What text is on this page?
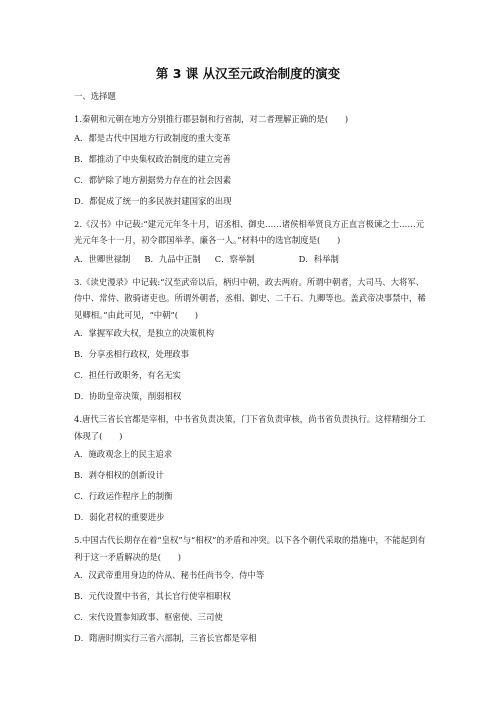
第 3 课 从汉至元政治制度的演变
一、选择题
1.秦朝和元朝在地方分别推行郡县制和行省制，对二者理解正确的是(　　)
A．都是古代中国地方行政制度的重大变革
B．都推动了中央集权政治制度的建立完善
C．都铲除了地方割据势力存在的社会因素
D．都促成了统一的多民族封建国家的出现
2.《汉书》中记载:“建元元年冬十月，诏丞相、御史……诸侯相举贤良方正直言极谏之士……元光元年冬十一月，初令郡国举孝、廉各一人。”材料中的选官制度是(　　)
A．世卿世禄制 B．九品中正制 C．察举制	D．科举制
3.《读史漫录》中记载:“汉至武帝以后，柄归中朝，政去两府。所谓中朝者，大司马、大将军、侍中、常侍、散骑诸吏也。所谓外朝者，丞相、御史、二千石、九卿等也。盖武帝决事禁中，稀见卿相。”由此可见，“中朝”(　　)
A．掌握军政大权，是独立的决策机构
B．分享丞相行政权，处理政事
C．担任行政职务，有名无实
D．协助皇帝决策，削弱相权
4.唐代三省长官都是宰相，中书省负责决策，门下省负责审核，尚书省负责执行。这样精细分工体现了(　　)
A．施政观念上的民主追求
B．剥夺相权的创新设计
C．行政运作程序上的制衡
D．弱化君权的重要进步
5.中国古代长期存在着“皇权”与“相权”的矛盾和冲突。以下各个朝代采取的措施中，不能起到有利于这一矛盾解决的是(　　)
A．汉武帝重用身边的侍从、秘书任尚书令、侍中等
B．元代设置中书省，其长官行使宰相职权
C．宋代设置参知政事、枢密使、三司使
D．隋唐时期实行三省六部制，三省长官都是宰相
